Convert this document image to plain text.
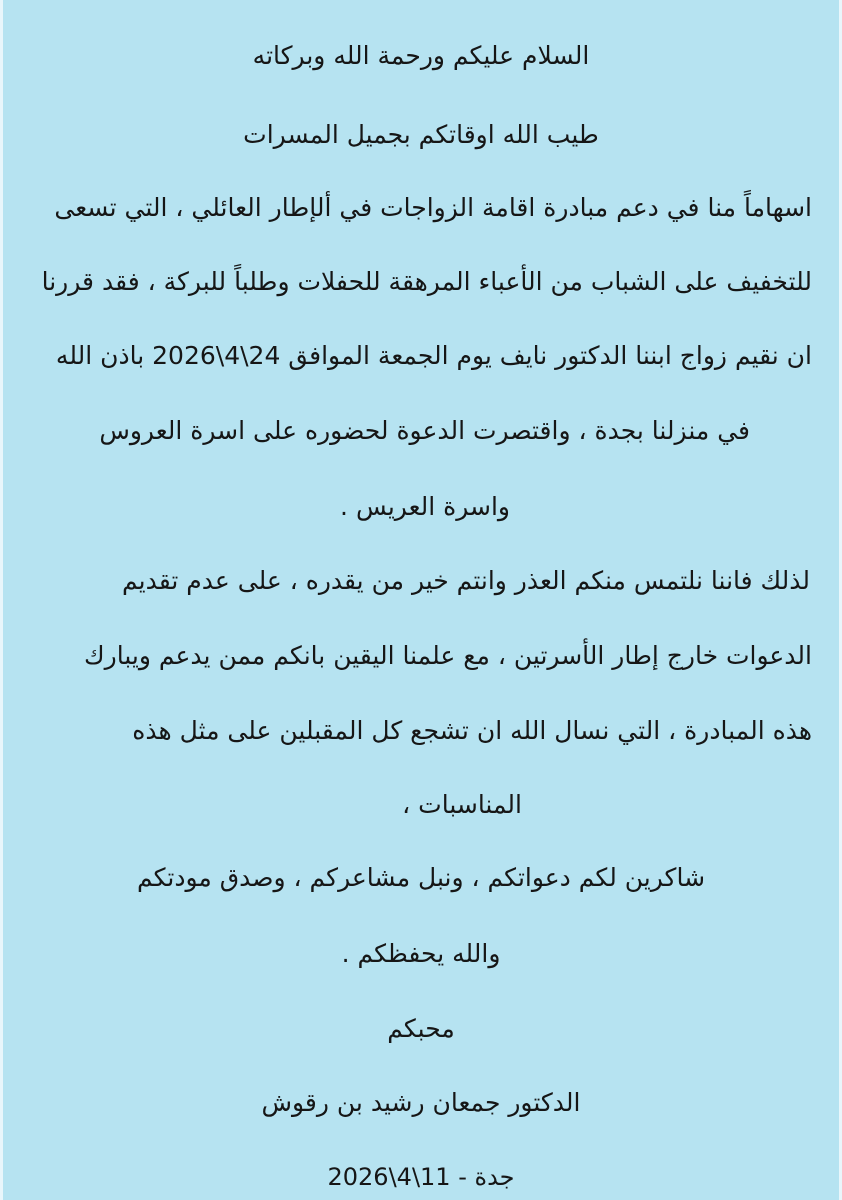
السلام عليكم ورحمة الله وبركاته
طيب الله اوقاتكم بجميل المسرات
اسهاماً منا في دعم مبادرة اقامة الزواجات في ألإطار العائلي ، التي تسعى
للتخفيف على الشباب من الأعباء المرهقة للحفلات وطلباً للبركة ، فقد قررنا
ان نقيم زواج ابننا الدكتور نايف يوم الجمعة الموافق 24\4\2026 باذن الله
في منزلنا بجدة ، واقتصرت الدعوة لحضوره على اسرة العروس
واسرة العريس .
لذلك فاننا نلتمس منكم العذر وانتم خير من يقدره ، على عدم تقديم
الدعوات خارج إطار الأسرتين ، مع علمنا اليقين بانكم ممن يدعم ويبارك
هذه المبادرة ، التي نسال الله ان تشجع كل المقبلين على مثل هذه
المناسبات ،
شاكرين لكم دعواتكم ، ونبل مشاعركم ، وصدق مودتكم
والله يحفظكم .
محبكم
الدكتور جمعان رشيد بن رقوش
جدة - 11\4\2026
